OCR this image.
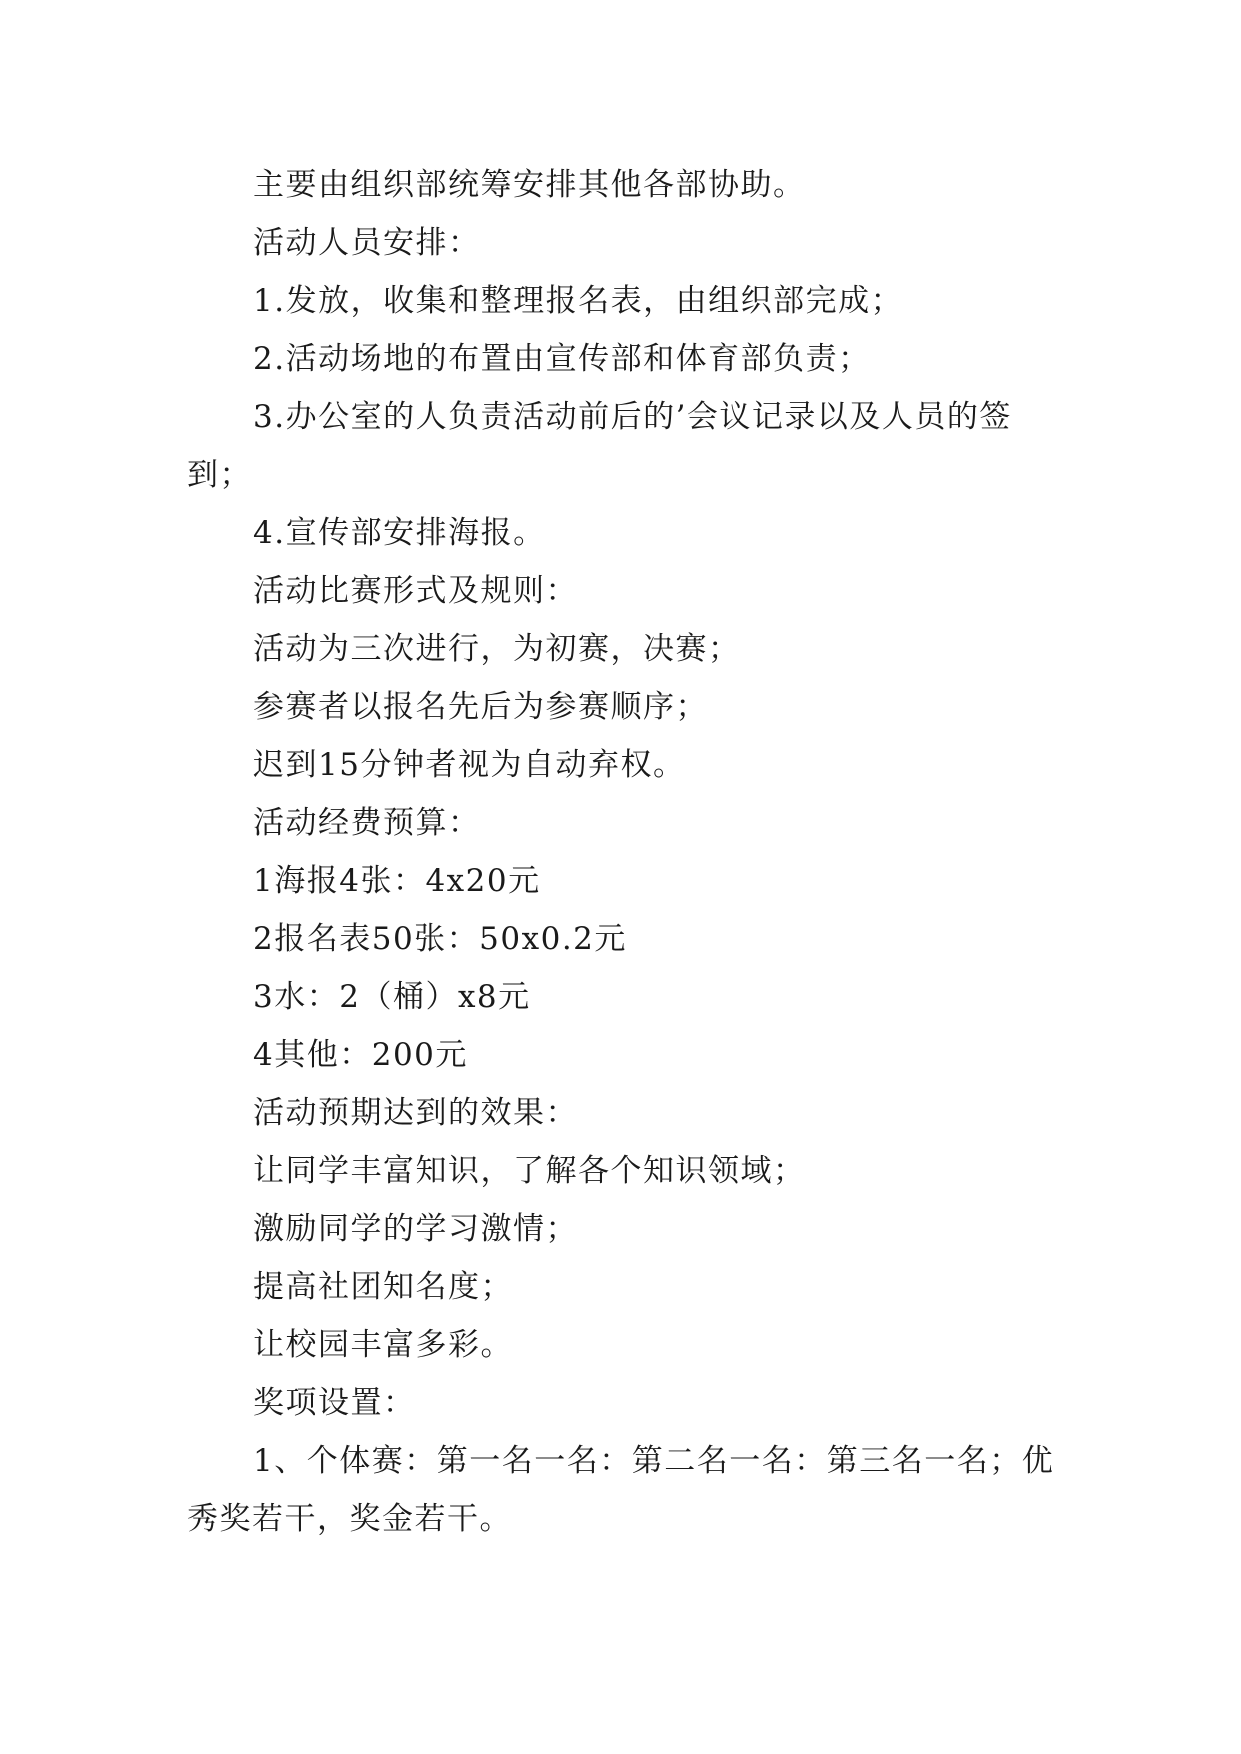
主要由组织部统筹安排其他各部协助。

活动人员安排：

1.发放，收集和整理报名表，由组织部完成；

2.活动场地的布置由宣传部和体育部负责；

3.办公室的人负责活动前后的’会议记录以及人员的签到；

4.宣传部安排海报。

活动比赛形式及规则：

活动为三次进行，为初赛，决赛；

参赛者以报名先后为参赛顺序；

迟到15分钟者视为自动弃权。

活动经费预算：

1海报4张：4x20元

2报名表50张：50x0.2元

3水：2（桶）x8元

4其他：200元

活动预期达到的效果：

让同学丰富知识，了解各个知识领域；

激励同学的学习激情；

提高社团知名度；

让校园丰富多彩。

奖项设置：

1、个体赛：第一名一名：第二名一名：第三名一名；优秀奖若干，奖金若干。
